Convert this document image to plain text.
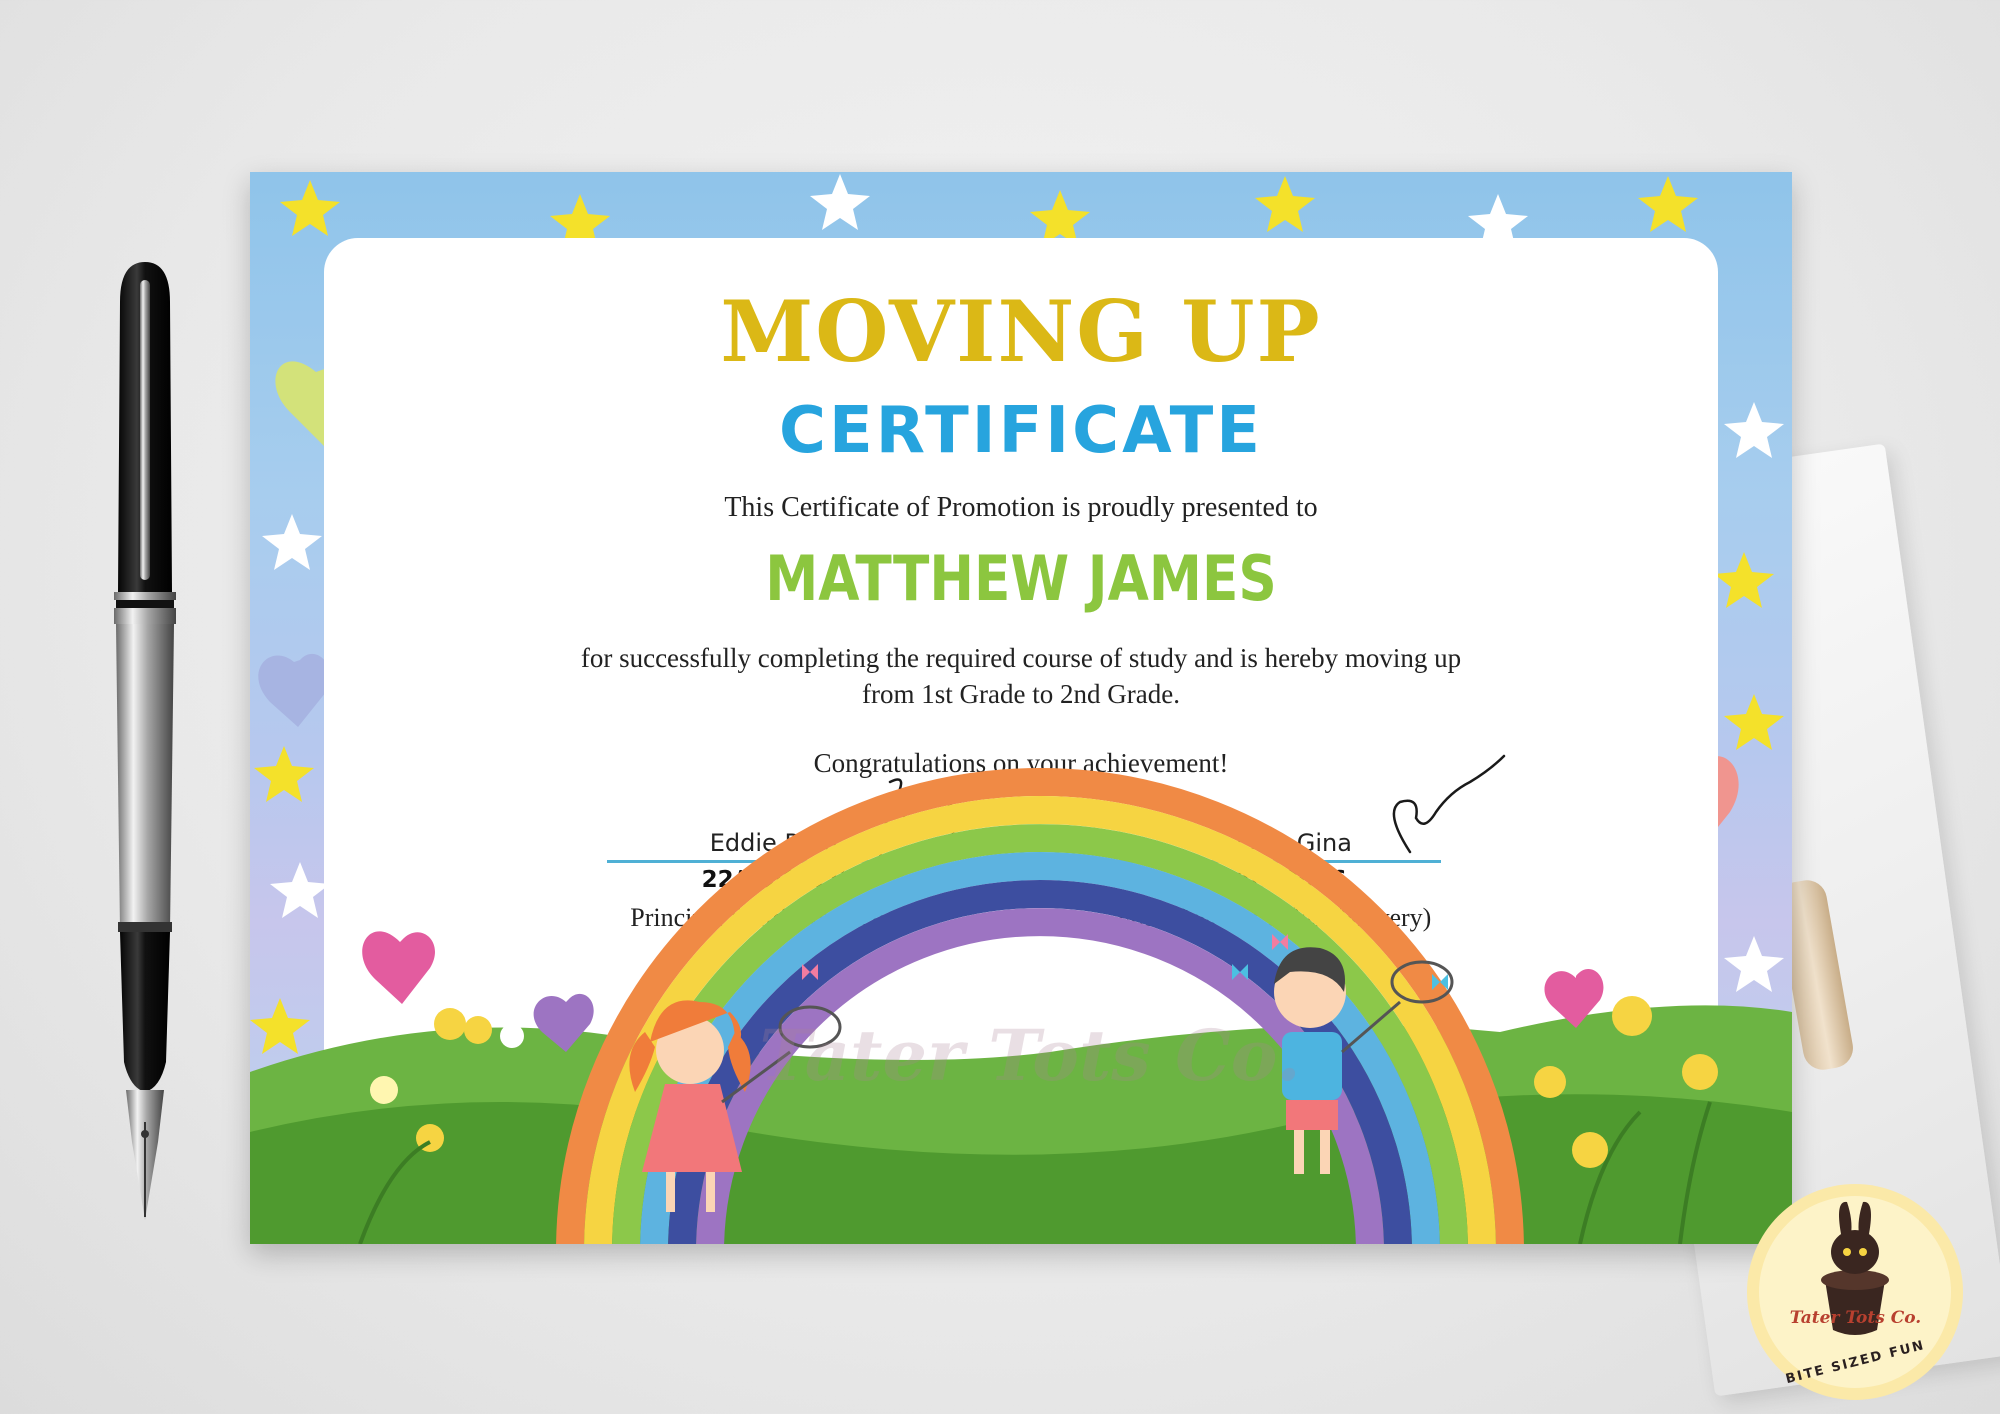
MOVING UP
CERTIFICATE
This Certificate of Promotion is proudly presented to
MATTHEW JAMES
for successfully completing the required course of study and is hereby moving up
from 1st Grade to 2nd Grade.
Congratulations on your achievement!
Eddie Ring
22/06/2026
Principal Sunflower School
Teacher Gina
22/06/2026
Form Teacher (Class Bravery)
Tater Tots Co.
Tater Tots Co.
BITE SIZED FUN
